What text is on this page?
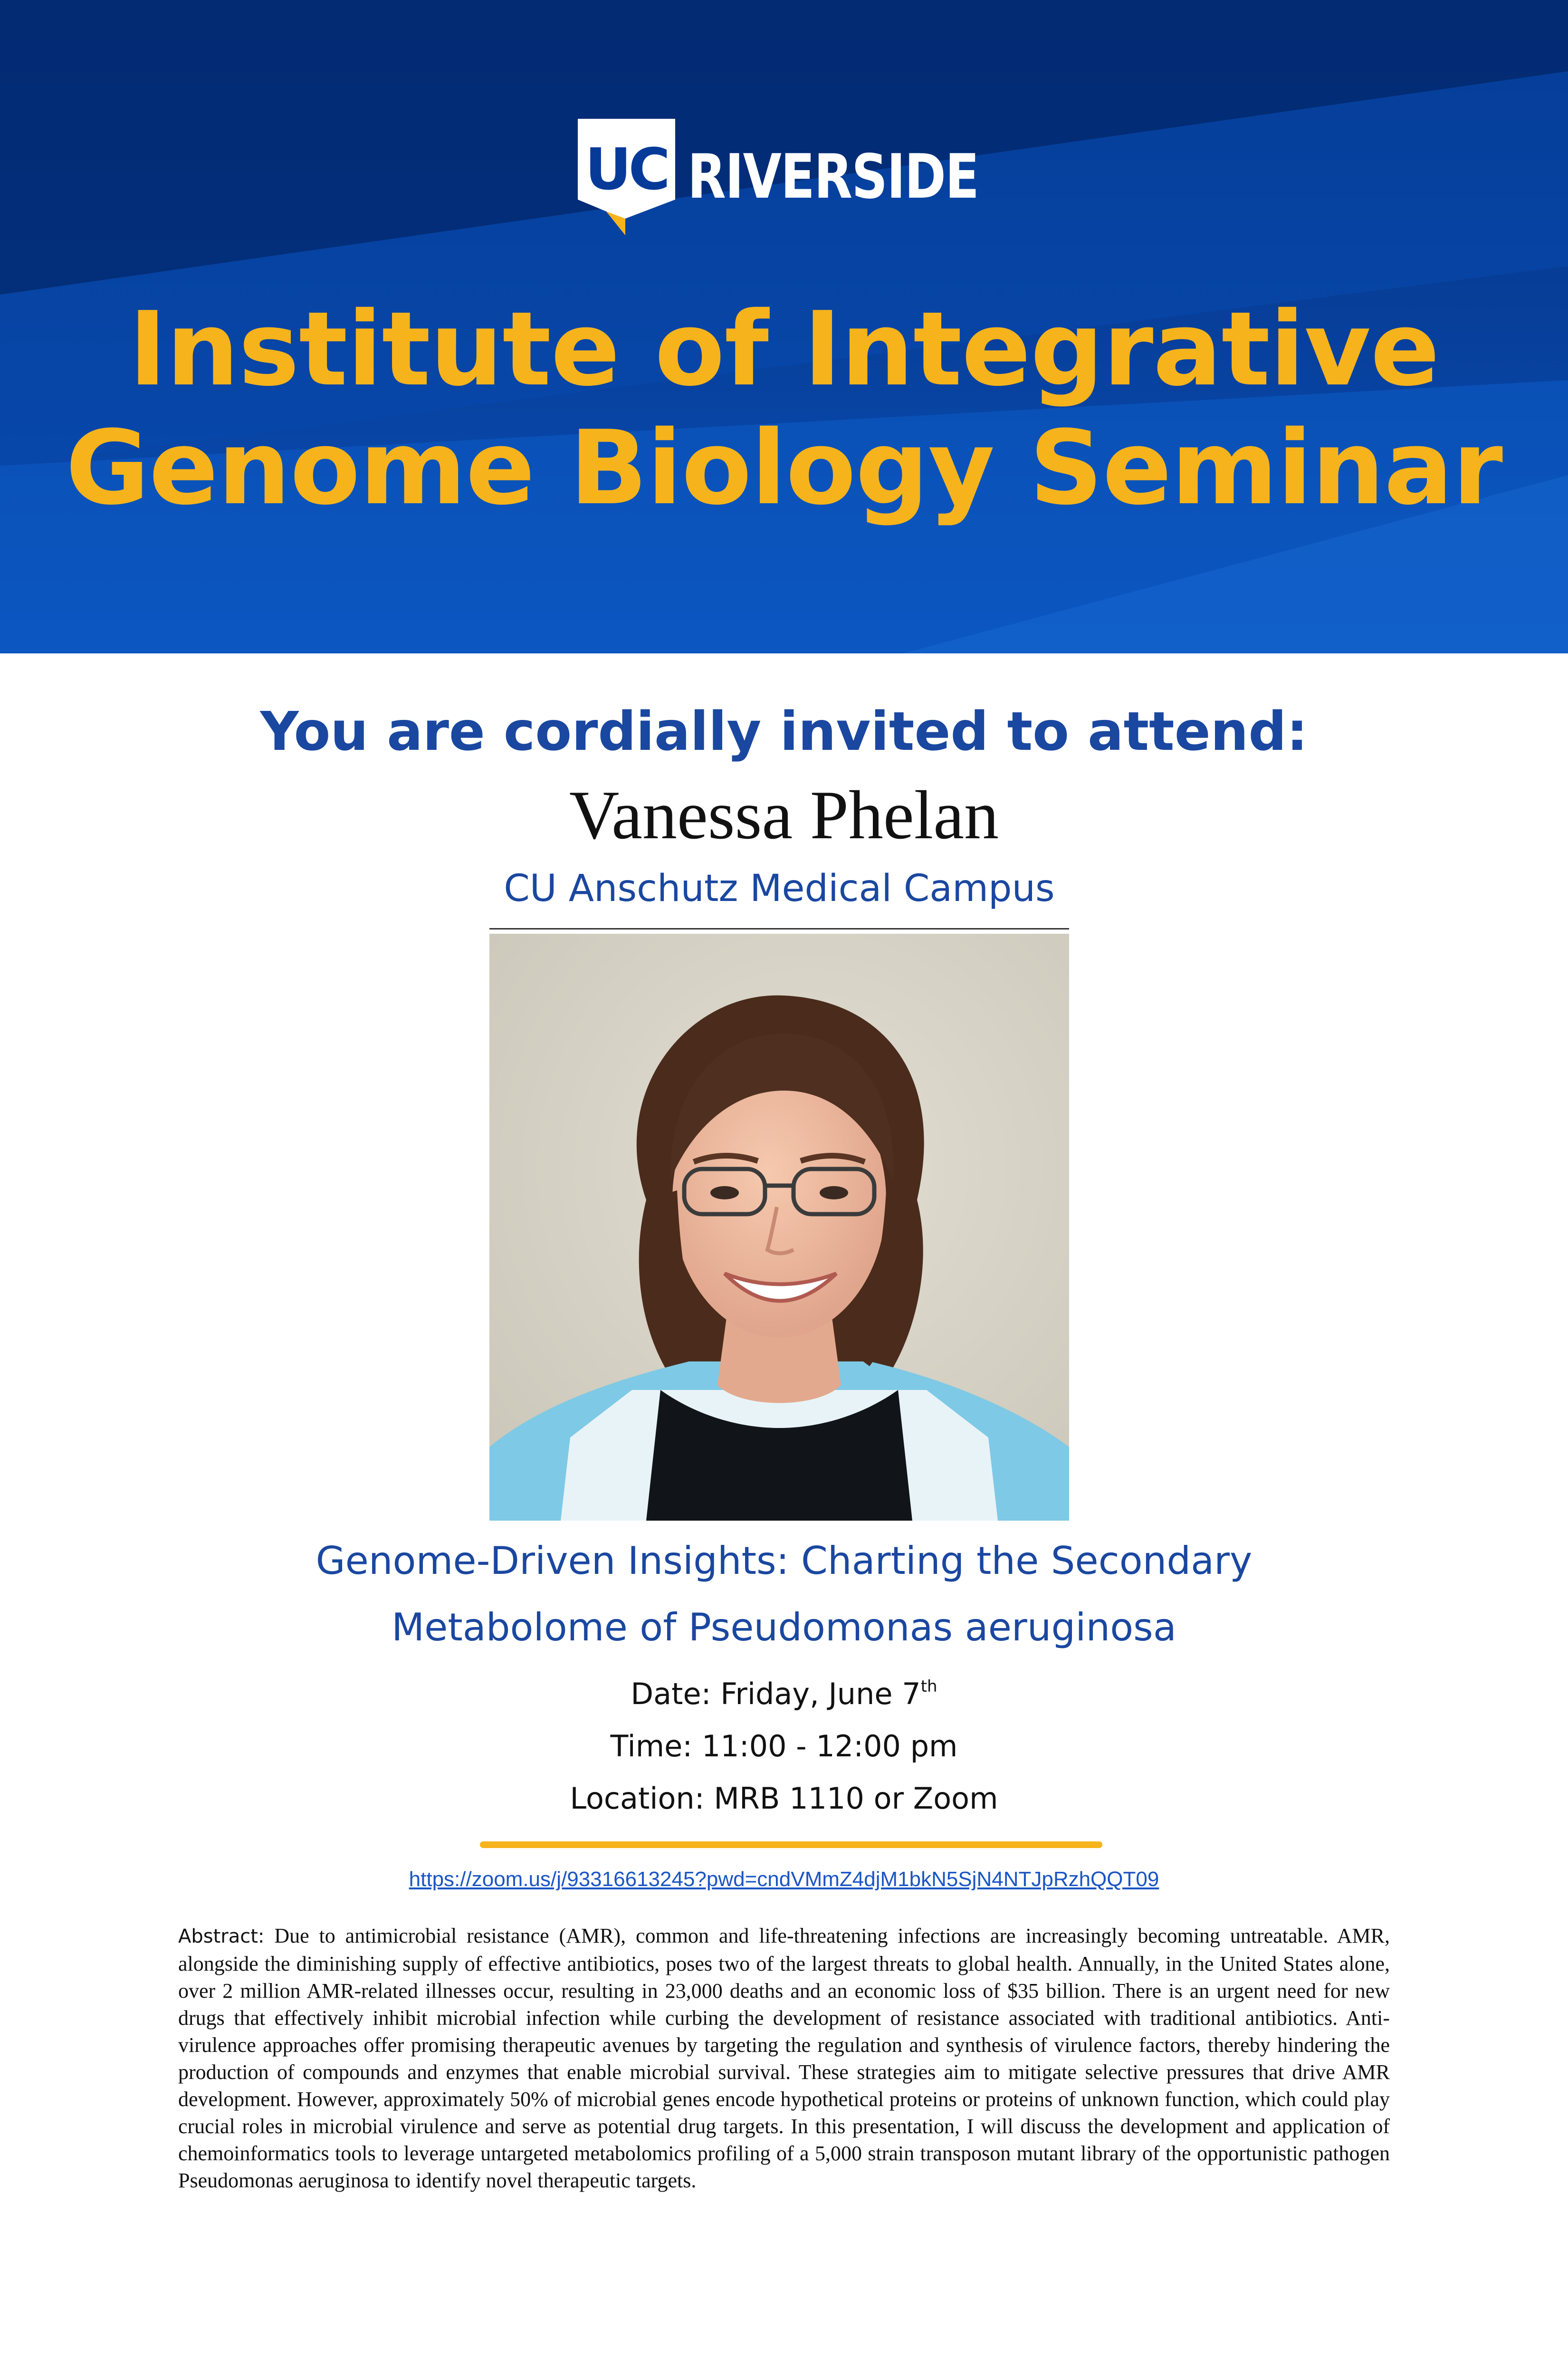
UC RIVERSIDE
Institute of Integrative
Genome Biology Seminar
You are cordially invited to attend:
Vanessa Phelan
CU Anschutz Medical Campus
Genome-Driven Insights: Charting the Secondary
Metabolome of Pseudomonas aeruginosa
Date: Friday, June 7th
Time: 11:00 - 12:00 pm
Location: MRB 1110 or Zoom
https://zoom.us/j/93316613245?pwd=cndVMmZ4djM1bkN5SjN4NTJpRzhQQT09
Abstract: Due to antimicrobial resistance (AMR), common and life-threatening infections are increasingly becoming untreatable. AMR, alongside the diminishing supply of effective antibiotics, poses two of the largest threats to global health. Annually, in the United States alone, over 2 million AMR-related illnesses occur, resulting in 23,000 deaths and an economic loss of $35 billion. There is an urgent need for new drugs that effectively inhibit microbial infection while curbing the development of resistance associated with traditional antibiotics. Anti-virulence approaches offer promising therapeutic avenues by targeting the regulation and synthesis of virulence factors, thereby hindering the production of compounds and enzymes that enable microbial survival. These strategies aim to mitigate selective pressures that drive AMR development. However, approximately 50% of microbial genes encode hypothetical proteins or proteins of unknown function, which could play crucial roles in microbial virulence and serve as potential drug targets. In this presentation, I will discuss the development and application of chemoinformatics tools to leverage untargeted metabolomics profiling of a 5,000 strain transposon mutant library of the opportunistic pathogen Pseudomonas aeruginosa to identify novel therapeutic targets.
